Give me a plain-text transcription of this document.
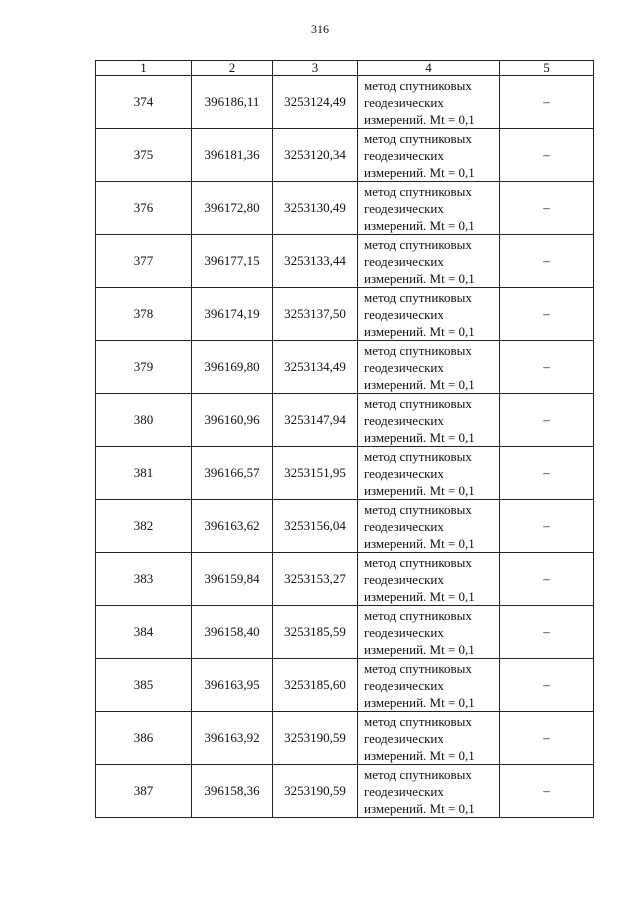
316
1	2	3	4	5
374	396186,11	3253124,49	метод спутниковых
геодезических
измерений. Mt = 0,1	–
375	396181,36	3253120,34	метод спутниковых
геодезических
измерений. Mt = 0,1	–
376	396172,80	3253130,49	метод спутниковых
геодезических
измерений. Mt = 0,1	–
377	396177,15	3253133,44	метод спутниковых
геодезических
измерений. Mt = 0,1	–
378	396174,19	3253137,50	метод спутниковых
геодезических
измерений. Mt = 0,1	–
379	396169,80	3253134,49	метод спутниковых
геодезических
измерений. Mt = 0,1	–
380	396160,96	3253147,94	метод спутниковых
геодезических
измерений. Mt = 0,1	–
381	396166,57	3253151,95	метод спутниковых
геодезических
измерений. Mt = 0,1	–
382	396163,62	3253156,04	метод спутниковых
геодезических
измерений. Mt = 0,1	–
383	396159,84	3253153,27	метод спутниковых
геодезических
измерений. Mt = 0,1	–
384	396158,40	3253185,59	метод спутниковых
геодезических
измерений. Mt = 0,1	–
385	396163,95	3253185,60	метод спутниковых
геодезических
измерений. Mt = 0,1	–
386	396163,92	3253190,59	метод спутниковых
геодезических
измерений. Mt = 0,1	–
387	396158,36	3253190,59	метод спутниковых
геодезических
измерений. Mt = 0,1	–
